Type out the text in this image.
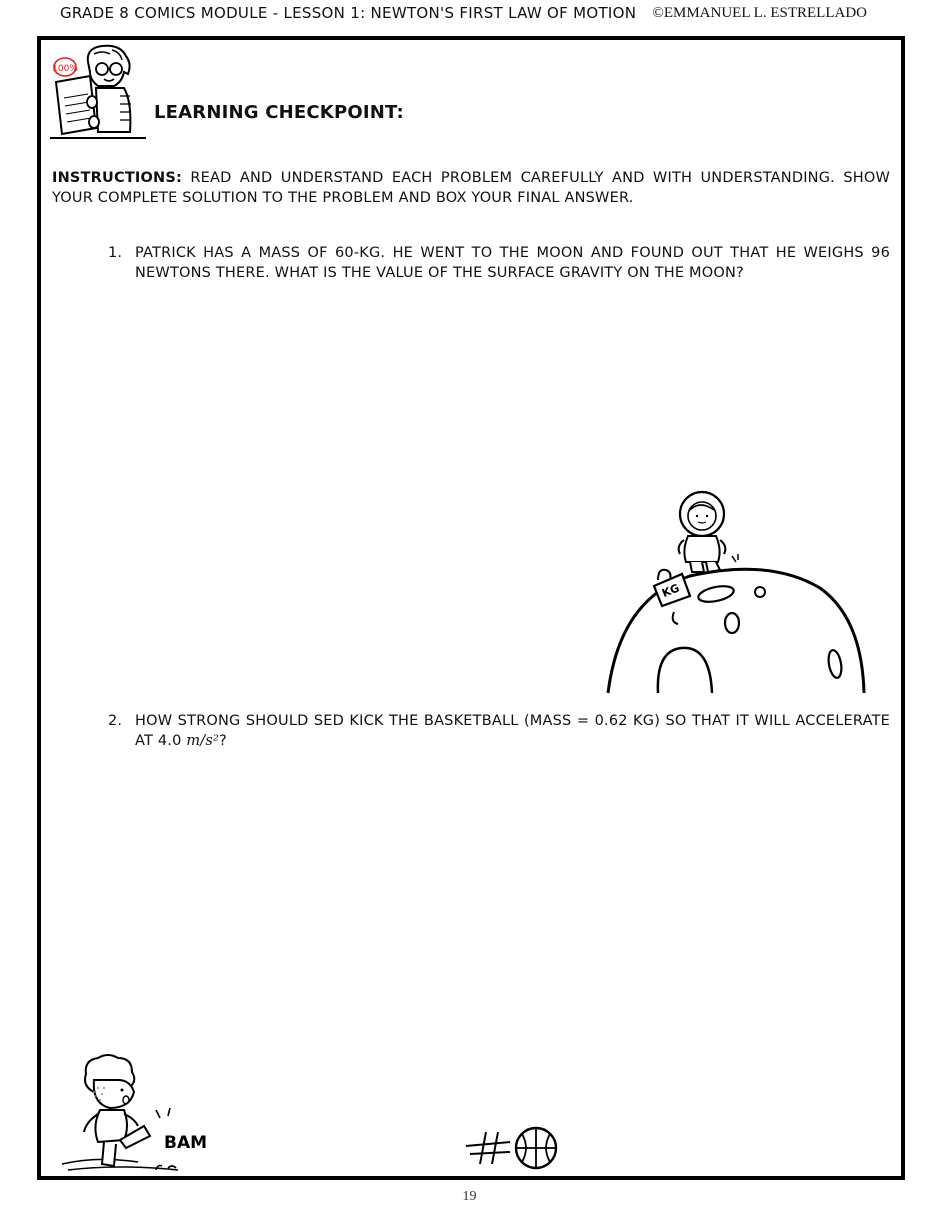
GRADE 8 COMICS MODULE - LESSON 1: NEWTON'S FIRST LAW OF MOTION ©EMMANUEL L. ESTRELLADO
100%
LEARNING CHECKPOINT:
INSTRUCTIONS: READ AND UNDERSTAND EACH PROBLEM CAREFULLY AND WITH UNDERSTANDING. SHOW YOUR COMPLETE SOLUTION TO THE PROBLEM AND BOX YOUR FINAL ANSWER.
1. PATRICK HAS A MASS OF 60-KG. HE WENT TO THE MOON AND FOUND OUT THAT HE WEIGHS 96 NEWTONS THERE. WHAT IS THE VALUE OF THE SURFACE GRAVITY ON THE MOON?
KG
2. HOW STRONG SHOULD SED KICK THE BASKETBALL (MASS = 0.62 KG) SO THAT IT WILL ACCELERATE AT 4.0 m/s²?
BAM
19
